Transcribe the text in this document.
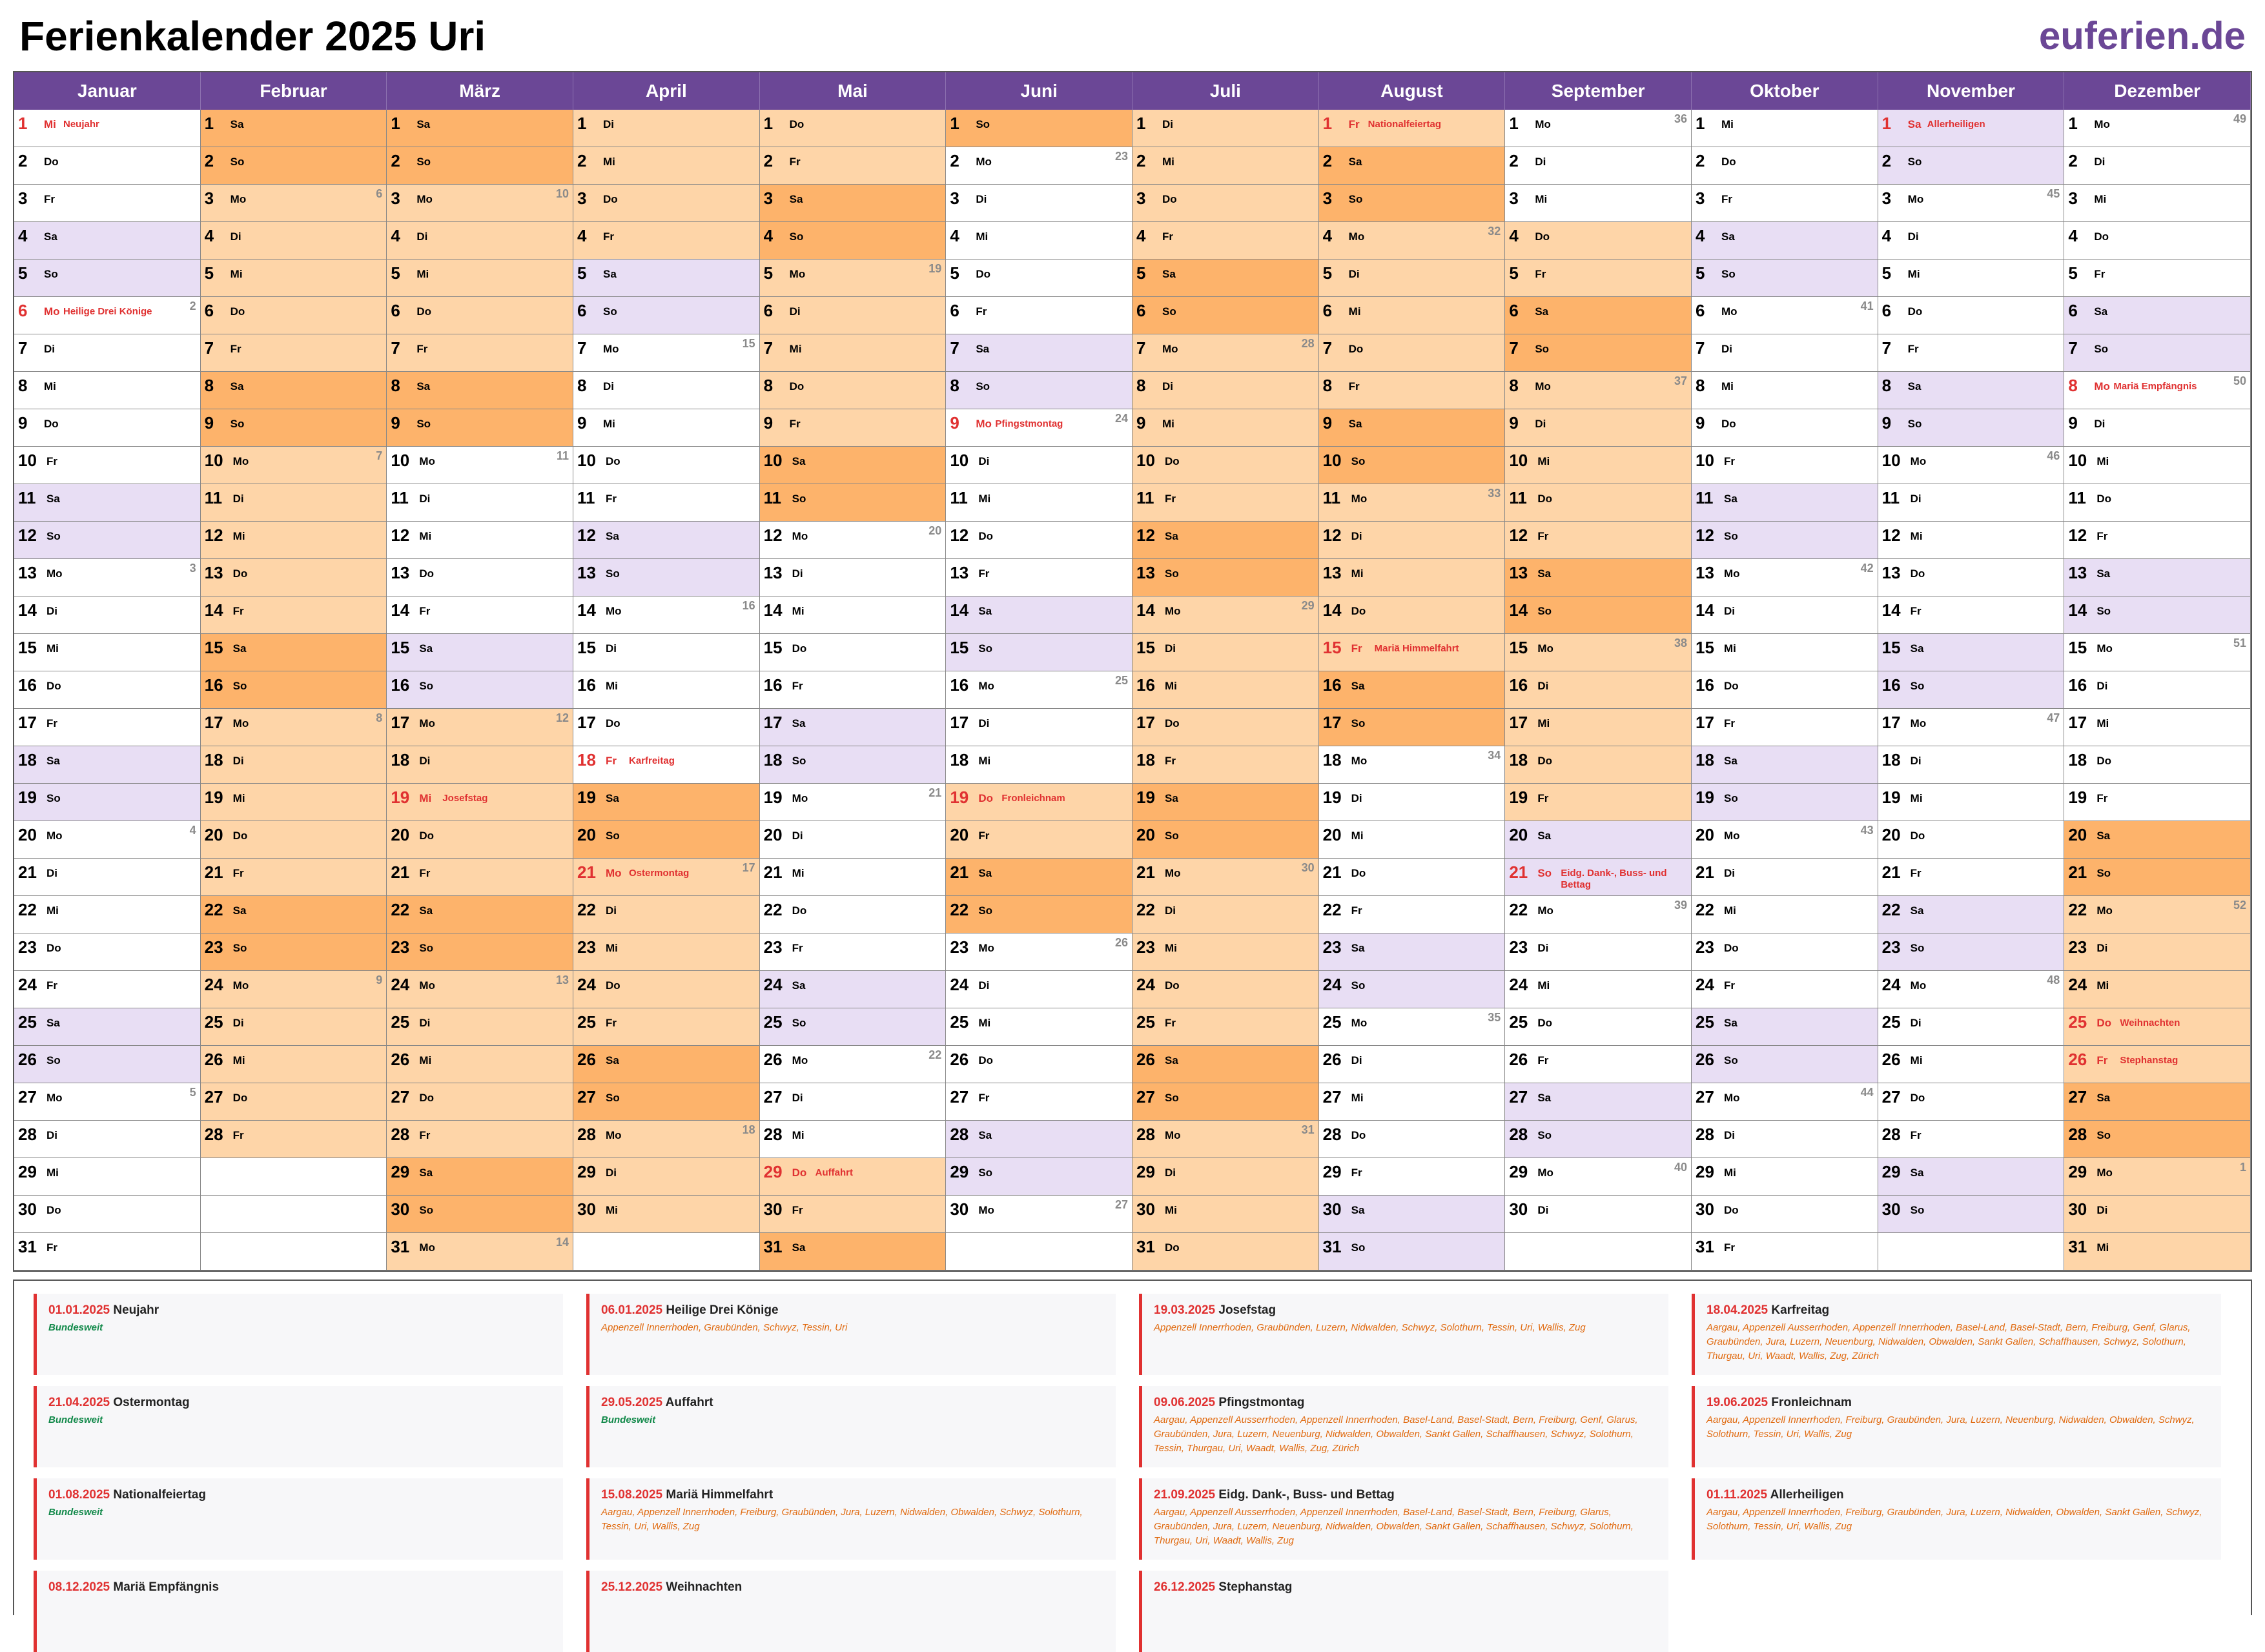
Ferienkalender 2025 Uri	euferien.de
Januar
1 Mi Neujahr
2 Do
3 Fr
4 Sa
5 So
6 Mo Heilige Drei Könige	2
7 Di
8 Mi
9 Do
10 Fr
11 Sa
12 So
13 Mo	3
14 Di
15 Mi
16 Do
17 Fr
18 Sa
19 So
20 Mo	4
21 Di
22 Mi
23 Do
24 Fr
25 Sa
26 So
27 Mo	5
28 Di
29 Mi
30 Do
31 Fr
Februar
1 Sa
2 So
3 Mo	6
4 Di
5 Mi
6 Do
7 Fr
8 Sa
9 So
10 Mo	7
11 Di
12 Mi
13 Do
14 Fr
15 Sa
16 So
17 Mo	8
18 Di
19 Mi
20 Do
21 Fr
22 Sa
23 So
24 Mo	9
25 Di
26 Mi
27 Do
28 Fr
März
1 Sa
2 So
3 Mo	10
4 Di
5 Mi
6 Do
7 Fr
8 Sa
9 So
10 Mo	11
11 Di
12 Mi
13 Do
14 Fr
15 Sa
16 So
17 Mo	12
18 Di
19 Mi Josefstag
20 Do
21 Fr
22 Sa
23 So
24 Mo	13
25 Di
26 Mi
27 Do
28 Fr
29 Sa
30 So
31 Mo	14
April
1 Di
2 Mi
3 Do
4 Fr
5 Sa
6 So
7 Mo	15
8 Di
9 Mi
10 Do
11 Fr
12 Sa
13 So
14 Mo	16
15 Di
16 Mi
17 Do
18 Fr Karfreitag
19 Sa
20 So
21 Mo Ostermontag	17
22 Di
23 Mi
24 Do
25 Fr
26 Sa
27 So
28 Mo	18
29 Di
30 Mi
Mai
1 Do
2 Fr
3 Sa
4 So
5 Mo	19
6 Di
7 Mi
8 Do
9 Fr
10 Sa
11 So
12 Mo	20
13 Di
14 Mi
15 Do
16 Fr
17 Sa
18 So
19 Mo	21
20 Di
21 Mi
22 Do
23 Fr
24 Sa
25 So
26 Mo	22
27 Di
28 Mi
29 Do Auffahrt
30 Fr
31 Sa
Juni
1 So
2 Mo	23
3 Di
4 Mi
5 Do
6 Fr
7 Sa
8 So
9 Mo Pfingstmontag	24
10 Di
11 Mi
12 Do
13 Fr
14 Sa
15 So
16 Mo	25
17 Di
18 Mi
19 Do Fronleichnam
20 Fr
21 Sa
22 So
23 Mo	26
24 Di
25 Mi
26 Do
27 Fr
28 Sa
29 So
30 Mo	27
Juli
1 Di
2 Mi
3 Do
4 Fr
5 Sa
6 So
7 Mo	28
8 Di
9 Mi
10 Do
11 Fr
12 Sa
13 So
14 Mo	29
15 Di
16 Mi
17 Do
18 Fr
19 Sa
20 So
21 Mo	30
22 Di
23 Mi
24 Do
25 Fr
26 Sa
27 So
28 Mo	31
29 Di
30 Mi
31 Do
August
1 Fr Nationalfeiertag
2 Sa
3 So
4 Mo	32
5 Di
6 Mi
7 Do
8 Fr
9 Sa
10 So
11 Mo	33
12 Di
13 Mi
14 Do
15 Fr Mariä Himmelfahrt
16 Sa
17 So
18 Mo	34
19 Di
20 Mi
21 Do
22 Fr
23 Sa
24 So
25 Mo	35
26 Di
27 Mi
28 Do
29 Fr
30 Sa
31 So
September
1 Mo	36
2 Di
3 Mi
4 Do
5 Fr
6 Sa
7 So
8 Mo	37
9 Di
10 Mi
11 Do
12 Fr
13 Sa
14 So
15 Mo	38
16 Di
17 Mi
18 Do
19 Fr
20 Sa
21 So Eidg. Dank-, Buss- und Bettag
22 Mo	39
23 Di
24 Mi
25 Do
26 Fr
27 Sa
28 So
29 Mo	40
30 Di
Oktober
1 Mi
2 Do
3 Fr
4 Sa
5 So
6 Mo	41
7 Di
8 Mi
9 Do
10 Fr
11 Sa
12 So
13 Mo	42
14 Di
15 Mi
16 Do
17 Fr
18 Sa
19 So
20 Mo	43
21 Di
22 Mi
23 Do
24 Fr
25 Sa
26 So
27 Mo	44
28 Di
29 Mi
30 Do
31 Fr
November
1 Sa Allerheiligen
2 So
3 Mo	45
4 Di
5 Mi
6 Do
7 Fr
8 Sa
9 So
10 Mo	46
11 Di
12 Mi
13 Do
14 Fr
15 Sa
16 So
17 Mo	47
18 Di
19 Mi
20 Do
21 Fr
22 Sa
23 So
24 Mo	48
25 Di
26 Mi
27 Do
28 Fr
29 Sa
30 So
Dezember
1 Mo	49
2 Di
3 Mi
4 Do
5 Fr
6 Sa
7 So
8 Mo Mariä Empfängnis	50
9 Di
10 Mi
11 Do
12 Fr
13 Sa
14 So
15 Mo	51
16 Di
17 Mi
18 Do
19 Fr
20 Sa
21 So
22 Mo	52
23 Di
24 Mi
25 Do Weihnachten
26 Fr Stephanstag
27 Sa
28 So
29 Mo	1
30 Di
31 Mi
01.01.2025 Neujahr
Bundesweit
06.01.2025 Heilige Drei Könige
Appenzell Innerrhoden, Graubünden, Schwyz, Tessin, Uri
19.03.2025 Josefstag
Appenzell Innerrhoden, Graubünden, Luzern, Nidwalden, Schwyz, Solothurn, Tessin, Uri, Wallis, Zug
18.04.2025 Karfreitag
Aargau, Appenzell Ausserrhoden, Appenzell Innerrhoden, Basel-Land, Basel-Stadt, Bern, Freiburg, Genf, Glarus, Graubünden, Jura, Luzern, Neuenburg, Nidwalden, Obwalden, Sankt Gallen, Schaffhausen, Schwyz, Solothurn, Thurgau, Uri, Waadt, Wallis, Zug, Zürich
21.04.2025 Ostermontag
Bundesweit
29.05.2025 Auffahrt
Bundesweit
09.06.2025 Pfingstmontag
Aargau, Appenzell Ausserrhoden, Appenzell Innerrhoden, Basel-Land, Basel-Stadt, Bern, Freiburg, Genf, Glarus, Graubünden, Jura, Luzern, Neuenburg, Nidwalden, Obwalden, Sankt Gallen, Schaffhausen, Schwyz, Solothurn, Tessin, Thurgau, Uri, Waadt, Wallis, Zug, Zürich
19.06.2025 Fronleichnam
Aargau, Appenzell Innerrhoden, Freiburg, Graubünden, Jura, Luzern, Neuenburg, Nidwalden, Obwalden, Schwyz, Solothurn, Tessin, Uri, Wallis, Zug
01.08.2025 Nationalfeiertag
Bundesweit
15.08.2025 Mariä Himmelfahrt
Aargau, Appenzell Innerrhoden, Freiburg, Graubünden, Jura, Luzern, Nidwalden, Obwalden, Schwyz, Solothurn, Tessin, Uri, Wallis, Zug
21.09.2025 Eidg. Dank-, Buss- und Bettag
Aargau, Appenzell Ausserrhoden, Appenzell Innerrhoden, Basel-Land, Basel-Stadt, Bern, Freiburg, Glarus, Graubünden, Jura, Luzern, Neuenburg, Nidwalden, Obwalden, Sankt Gallen, Schaffhausen, Schwyz, Solothurn, Thurgau, Uri, Waadt, Wallis, Zug
01.11.2025 Allerheiligen
Aargau, Appenzell Innerrhoden, Freiburg, Graubünden, Jura, Luzern, Nidwalden, Obwalden, Sankt Gallen, Schwyz, Solothurn, Tessin, Uri, Wallis, Zug
08.12.2025 Mariä Empfängnis	25.12.2025 Weihnachten	26.12.2025 Stephanstag
